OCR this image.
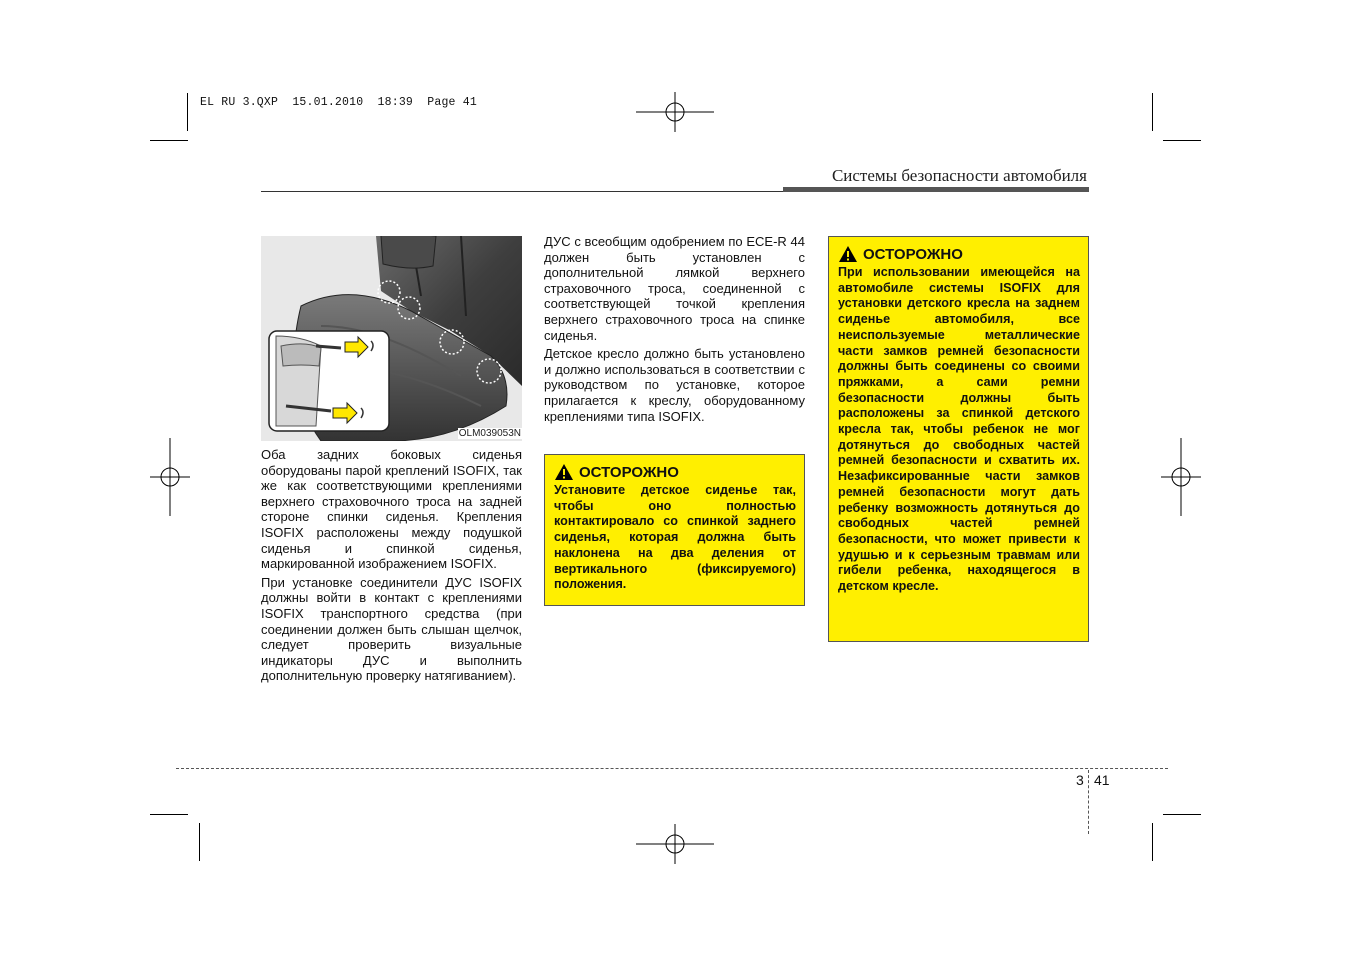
EL RU 3.QXP  15.01.2010  18:39  Page 41
Системы безопасности автомобиля
OLM039053N

Оба задних боковых сиденья оборудованы парой креплений ISOFIX, так же как соответствующими креплениями верхнего страховочного троса на задней стороне спинки сиденья. Крепления ISOFIX расположены между подушкой сиденья и спинкой сиденья, маркированной изображением ISOFIX.

При установке соединители ДУС ISOFIX должны войти в контакт с креплениями ISOFIX транспортного средства (при соединении должен быть слышан щелчок, следует проверить визуальные индикаторы ДУС и выполнить дополнительную проверку натягиванием).

ДУС с всеобщим одобрением по ECE-R 44 должен быть установлен с дополнительной лямкой верхнего страховочного троса, соединенной с соответствующей точкой крепления верхнего страховочного троса на спинке сиденья.

Детское кресло должно быть установлено и должно использоваться в соответствии с руководством по установке, которое прилагается к креслу, оборудованному креплениями типа ISOFIX.

ОСТОРОЖНО
Установите детское сиденье так, чтобы оно полностью контактировало со спинкой заднего сиденья, которая должна быть наклонена на два деления от вертикального (фиксируемого) положения.
ОСТОРОЖНО
При использовании имеющейся на автомобиле системы ISOFIX для установки детского кресла на заднем сиденье автомобиля, все неиспользуемые металлические части замков ремней безопасности должны быть соединены со своими пряжками, а сами ремни безопасности должны быть расположены за спинкой детского кресла так, чтобы ребенок не мог дотянуться до свободных частей ремней безопасности и схватить их. Незафиксированные части замков ремней безопасности могут дать ребенку возможность дотянуться до свободных частей ремней безопасности, что может привести к удушью и к серьезным травмам или гибели ребенка, находящегося в детском кресле.
3 41
